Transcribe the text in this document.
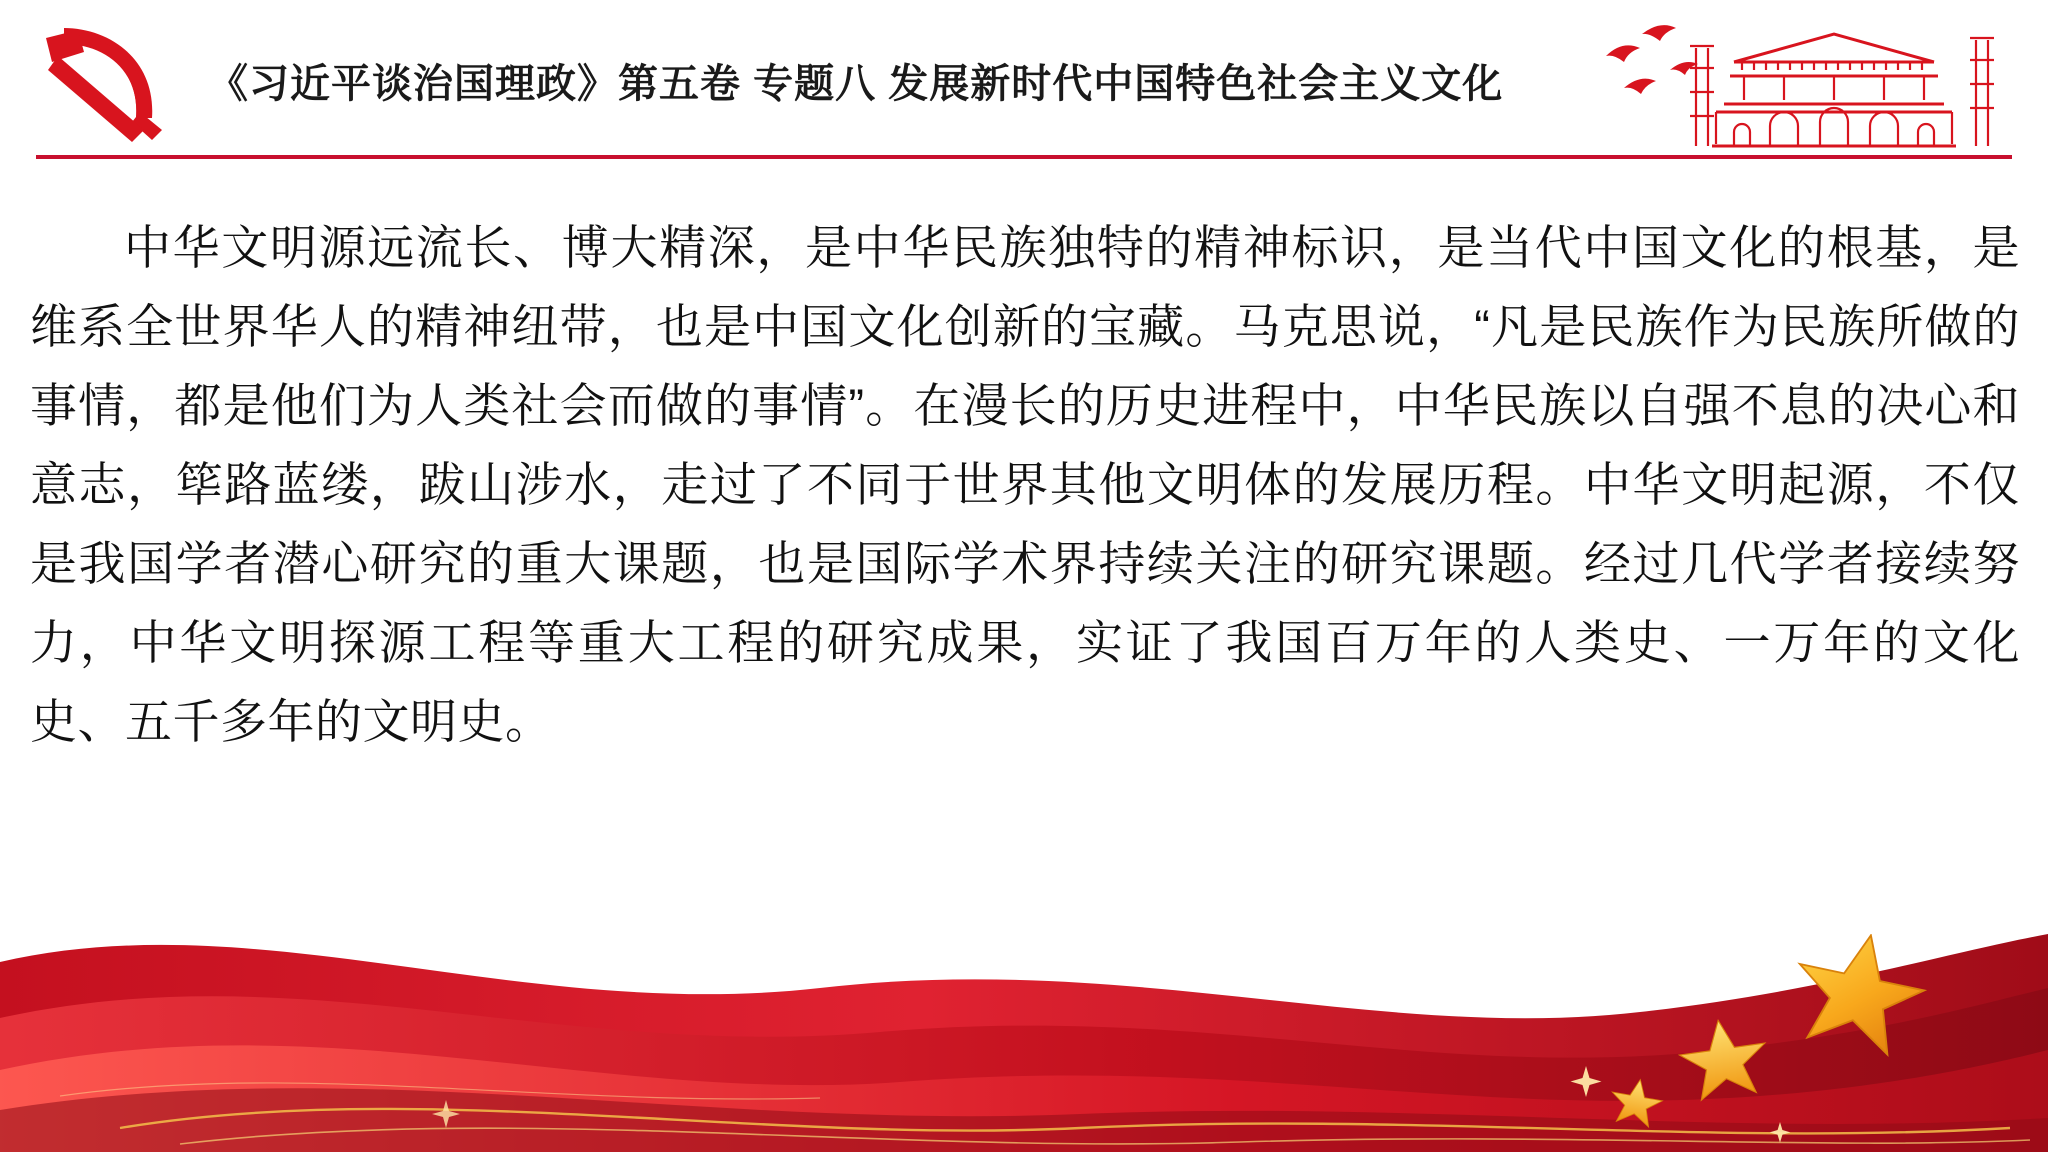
《习近平谈治国理政》第五卷 专题八 发展新时代中国特色社会主义文化
中华文明源远流长、博大精深，是中华民族独特的精神标识，是当代中国文化的根基，是维系全世界华人的精神纽带，也是中国文化创新的宝藏。马克思说，“凡是民族作为民族所做的事情，都是他们为人类社会而做的事情”。在漫长的历史进程中，中华民族以自强不息的决心和意志，筚路蓝缕，跋山涉水，走过了不同于世界其他文明体的发展历程。中华文明起源，不仅是我国学者潜心研究的重大课题，也是国际学术界持续关注的研究课题。经过几代学者接续努力，中华文明探源工程等重大工程的研究成果，实证了我国百万年的人类史、一万年的文化史、五千多年的文明史。
